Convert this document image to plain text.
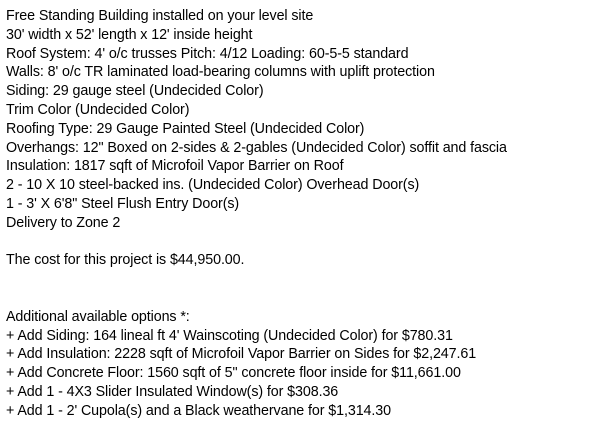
Free Standing Building installed on your level site
30' width x 52' length x 12' inside height
Roof System: 4' o/c trusses Pitch: 4/12 Loading: 60-5-5 standard
Walls: 8' o/c TR laminated load-bearing columns with uplift protection
Siding: 29 gauge steel (Undecided Color)
Trim Color (Undecided Color)
Roofing Type: 29 Gauge Painted Steel (Undecided Color)
Overhangs: 12" Boxed on 2-sides & 2-gables (Undecided Color) soffit and fascia
Insulation: 1817 sqft of Microfoil Vapor Barrier on Roof
2 - 10 X 10 steel-backed ins. (Undecided Color) Overhead Door(s)
1 - 3' X 6'8" Steel Flush Entry Door(s)
Delivery to Zone 2
The cost for this project is $44,950.00.
Additional available options *:
+ Add Siding: 164 lineal ft 4' Wainscoting (Undecided Color) for $780.31
+ Add Insulation: 2228 sqft of Microfoil Vapor Barrier on Sides for $2,247.61
+ Add Concrete Floor: 1560 sqft of 5" concrete floor inside for $11,661.00
+ Add 1 - 4X3 Slider Insulated Window(s) for $308.36
+ Add 1 - 2' Cupola(s) and a Black weathervane for $1,314.30
